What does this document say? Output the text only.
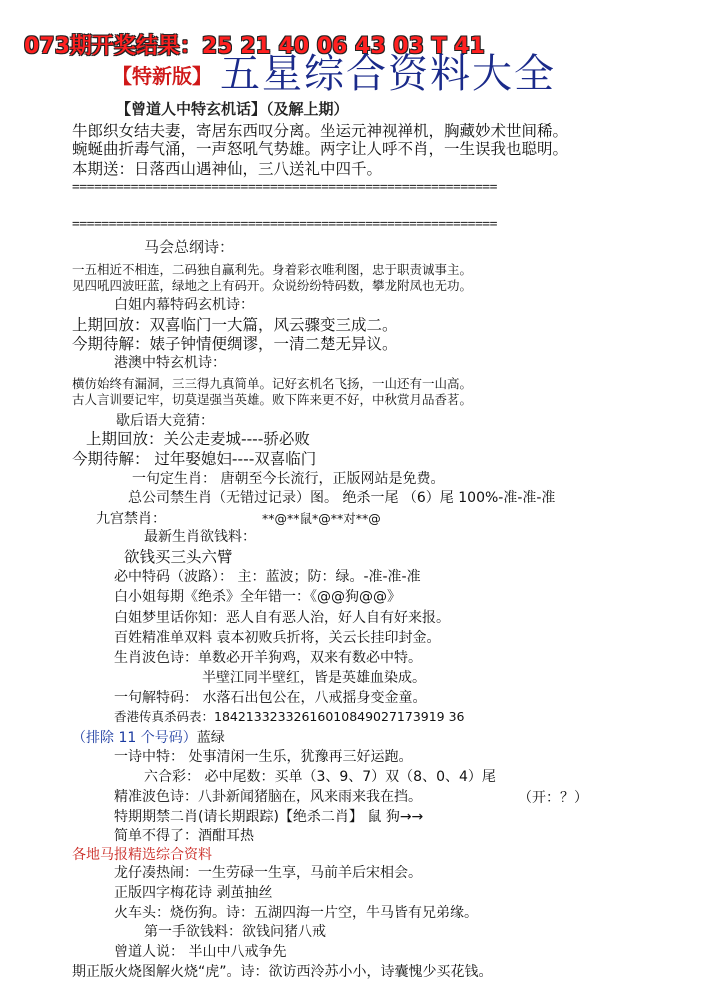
073期开奖结果：25 21 40 06 43 03 T 41
【特新版】 五星综合资料大全
【曾道人中特玄机话】（及解上期）
牛郎织女结夫妻，寄居东西叹分离。坐运元神视禅机，胸藏妙术世间稀。
蜿蜒曲折毒气涌，一声怒吼气势雄。两字让人呼不肖，一生误我也聪明。
本期送：日落西山遇神仙，三八送礼中四千。
==========================================================
==========================================================
马会总纲诗：
一五相近不相连，二码独自赢利先。身着彩衣唯利图，忠于职责诚事主。
见四吼四波旺蓝，绿地之上有码开。众说纷纷特码数，攀龙附凤也无功。
白姐内幕特码玄机诗：
上期回放：双喜临门一大篇，风云骤变三成二。
今期待解：婊子钟情便绸谬，一清二楚无异议。
港澳中特玄机诗：
横仿始终有漏洞，三三得九真简单。记好玄机名飞扬，一山还有一山高。
古人言训要记牢，切莫逞强当英雄。败下阵来更不好，中秋赏月品香茗。
歇后语大竞猜：
上期回放：关公走麦城----骄必败
今期待解： 过年娶媳妇----双喜临门
一句定生肖： 唐朝至今长流行，正版网站是免费。
总公司禁生肖（无错过记录）图。 绝杀一尾 （6）尾 100%-准-准-准
九宫禁肖：	**@**鼠*@**对**@
最新生肖欲钱料：
欲钱买三头六臂
必中特码（波路）： 主：蓝波；防：绿。-准-准-准
白小姐每期《绝杀》全年错一：《@@狗@@》
白姐梦里话你知：恶人自有恶人治，好人自有好来报。
百姓精准单双料 袁本初败兵折将，关云长挂印封金。
生肖波色诗：单数必开羊狗鸡，双来有数必中特。
半壁江同半壁红，皆是英雄血染成。
一句解特码： 水落石出包公在，八戒摇身变金童。
香港传真杀码表：18421332332616010849027173919 36
（排除 11 个号码）蓝绿
一诗中特： 处事清闲一生乐，犹豫再三好运跑。
六合彩： 必中尾数：买单（3、9、7）双（8、0、4）尾
精准波色诗：八卦新闻猪脑在，风来雨来我在挡。	（开：？）
特期期禁二肖(请长期跟踪)【绝杀二肖】 鼠 狗→→
简单不得了：酒酣耳热
各地马报精选综合资料
龙仔凑热闹：一生劳碌一生享，马前羊后宋相会。
正版四字梅花诗 剥茧抽丝
火车头：烧伤狗。诗：五湖四海一片空，牛马皆有兄弟缘。
第一手欲钱料：欲钱问猪八戒
曾道人说： 半山中八戒争先
期正版火烧图解火烧“虎”。诗：欲访西泠苏小小，诗囊愧少买花钱。
